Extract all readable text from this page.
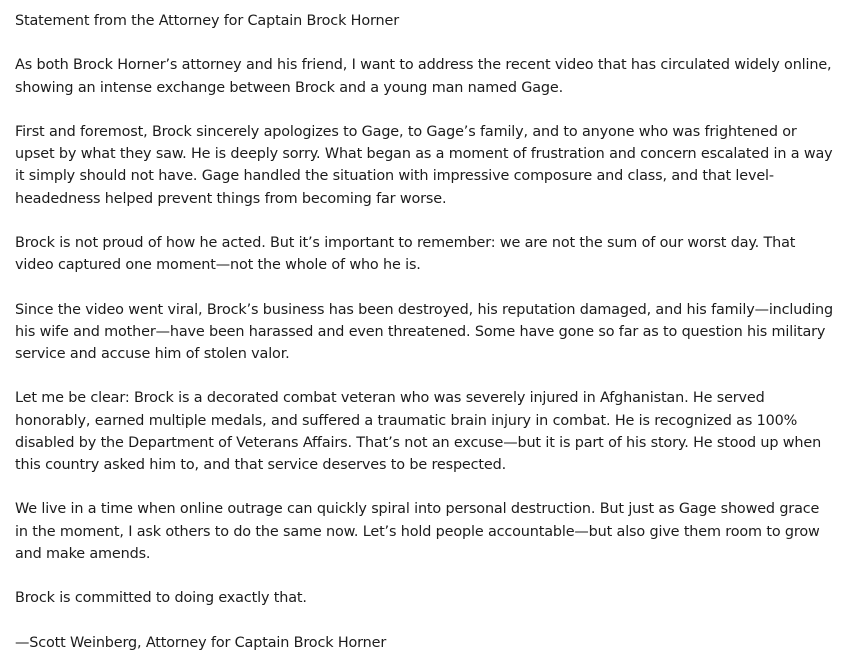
Statement from the Attorney for Captain Brock Horner
As both Brock Horner’s attorney and his friend, I want to address the recent video that has circulated widely online,
showing an intense exchange between Brock and a young man named Gage.
First and foremost, Brock sincerely apologizes to Gage, to Gage’s family, and to anyone who was frightened or
upset by what they saw. He is deeply sorry. What began as a moment of frustration and concern escalated in a way
it simply should not have. Gage handled the situation with impressive composure and class, and that level-
headedness helped prevent things from becoming far worse.
Brock is not proud of how he acted. But it’s important to remember: we are not the sum of our worst day. That
video captured one moment—not the whole of who he is.
Since the video went viral, Brock’s business has been destroyed, his reputation damaged, and his family—including
his wife and mother—have been harassed and even threatened. Some have gone so far as to question his military
service and accuse him of stolen valor.
Let me be clear: Brock is a decorated combat veteran who was severely injured in Afghanistan. He served
honorably, earned multiple medals, and suffered a traumatic brain injury in combat. He is recognized as 100%
disabled by the Department of Veterans Affairs. That’s not an excuse—but it is part of his story. He stood up when
this country asked him to, and that service deserves to be respected.
We live in a time when online outrage can quickly spiral into personal destruction. But just as Gage showed grace
in the moment, I ask others to do the same now. Let’s hold people accountable—but also give them room to grow
and make amends.
Brock is committed to doing exactly that.
—Scott Weinberg, Attorney for Captain Brock Horner
